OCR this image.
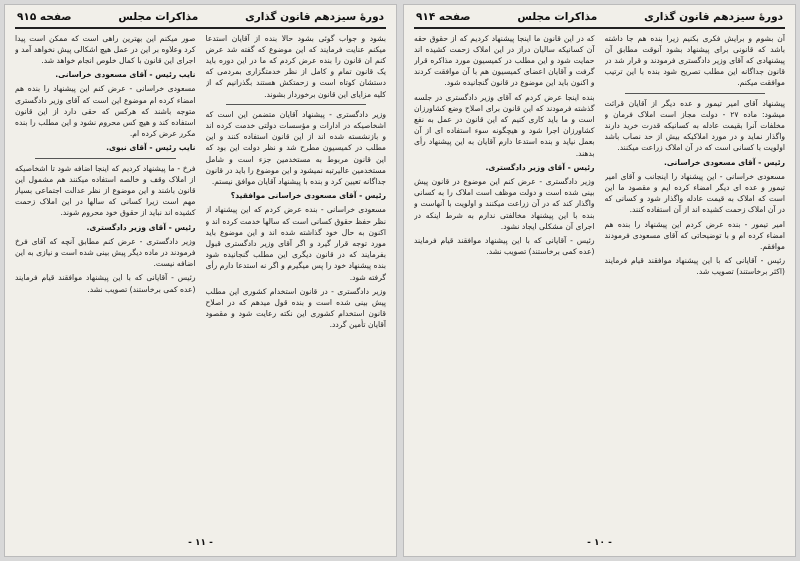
دورهٔ سیزدهم قانون گذاری
مذاکرات مجلس
صفحه ۹۱۵

بشود و جواب گوئی بشود حالا بنده از آقایان استدعا میکنم عنایت فرمایند که این موضوع که گفته شد عرض کنم ان قانون را بنده عرض کردم که ما در این دوره باید یک قانون تمام و کامل از نظر خدمتگزاری بمردمی که دستشان کوتاه است و زحمتکش هستند بگذرانیم که از کلیه مزایای این قانون برخوردار بشوند.

وزیر دادگستری - پیشنهاد آقایان متضمن این است که اشخاصیکه در ادارات و مؤسسات دولتی خدمت کرده اند و بازنشسته شده اند از این قانون استفاده کنند و این مطلب در کمیسیون مطرح شد و نظر دولت این بود که این قانون مربوط به مستخدمین جزء است و شامل مستخدمین عالیرتبه نمیشود و این موضوع را باید در قانون جداگانه تعیین کرد و بنده با پیشنهاد آقایان موافق نیستم.

رئیس - آقای مسعودی خراسانی موافقید؟

مسعودی خراسانی - بنده عرض کردم که این پیشنهاد از نظر حفظ حقوق کسانی است که سالها خدمت کرده اند و اکنون به حال خود گذاشته شده اند و این موضوع باید مورد توجه قرار گیرد و اگر آقای وزیر دادگستری قبول بفرمایند که در قانون دیگری این مطلب گنجانیده شود بنده پیشنهاد خود را پس میگیرم و اگر نه استدعا دارم رأی گرفته شود.

وزیر دادگستری - در قانون استخدام کشوری این مطلب پیش بینی شده است و بنده قول میدهم که در اصلاح قانون استخدام کشوری این نکته رعایت شود و مقصود آقایان تأمین گردد.

صور میکنم این بهترین راهی است که ممکن است پیدا کرد وعلاوه بر این در عمل هیچ اشکالی پیش نخواهد آمد و اجرای این قانون با کمال خلوص انجام خواهد شد.

نایب رئیس - آقای مسعودی خراسانی.

مسعودی خراسانی - عرض کنم این پیشنهاد را بنده هم امضاء کرده ام موضوع این است که آقای وزیر دادگستری متوجه باشند که هرکس که حقی دارد از این قانون استفاده کند و هیچ کس محروم نشود و این مطلب را بنده مکرر عرض کرده ام.

نایب رئیس - آقای نبوی.

فرخ - ما پیشنهاد کردیم که اینجا اضافه شود تا اشخاصیکه از املاک وقف و خالصه استفاده میکنند هم مشمول این قانون باشند و این موضوع از نظر عدالت اجتماعی بسیار مهم است زیرا کسانی که سالها در این املاک زحمت کشیده اند نباید از حقوق خود محروم شوند.

رئیس - آقای وزیر دادگستری.

وزیر دادگستری - عرض کنم مطابق آنچه که آقای فرخ فرمودند در ماده دیگر پیش بینی شده است و نیازی به این اضافه نیست.

رئیس - آقایانی که با این پیشنهاد موافقند قیام فرمایند (عده کمی برخاستند) تصویب نشد.

- ۱۱ -
دورهٔ سیزدهم قانون گذاری
مذاکرات مجلس
صفحه ۹۱۴

آن بشوم و برایش فکری بکنیم زیرا بنده هم جا داشته باشد که قانونی برای پیشنهاد بشود آنوقت مطابق آن پیشنهادی که آقای وزیر دادگستری فرمودند و قرار شد در قانون جداگانه این مطلب تصریح شود بنده با این ترتیب موافقت میکنم.

پیشنهاد آقای امیر تیمور و عده دیگر از آقایان قرائت میشود: ماده ۲۷ - دولت مجاز است املاک فرمان و مخلفات آنرا بقیمت عادله به کسانیکه قدرت خرید دارند واگذار نماید و در مورد املاکیکه بیش از حد نصاب باشد اولویت با کسانی است که در آن املاک زراعت میکنند.

رئیس - آقای مسعودی خراسانی.

مسعودی خراسانی - این پیشنهاد را اینجانب و آقای امیر تیمور و عده ای دیگر امضاء کرده ایم و مقصود ما این است که املاک به قیمت عادله واگذار شود و کسانی که در آن املاک زحمت کشیده اند از آن استفاده کنند.

امیر تیمور - بنده عرض کردم این پیشنهاد را بنده هم امضاء کرده ام و با توضیحاتی که آقای مسعودی فرمودند موافقم.

رئیس - آقایانی که با این پیشنهاد موافقند قیام فرمایند (اکثر برخاستند) تصویب شد.

که در این قانون ما اینجا پیشنهاد کردیم که از حقوق حقه آن کسانیکه سالیان دراز در این املاک زحمت کشیده اند حمایت شود و این مطلب در کمیسیون مورد مذاکره قرار گرفت و آقایان اعضای کمیسیون هم با آن موافقت کردند و اکنون باید این موضوع در قانون گنجانیده شود.

بنده اینجا عرض کردم که آقای وزیر دادگستری در جلسه گذشته فرمودند که این قانون برای اصلاح وضع کشاورزان است و ما باید کاری کنیم که این قانون در عمل به نفع کشاورزان اجرا شود و هیچگونه سوء استفاده ای از آن بعمل نیاید و بنده استدعا دارم آقایان به این پیشنهاد رأی بدهند.

رئیس - آقای وزیر دادگستری.

وزیر دادگستری - عرض کنم این موضوع در قانون پیش بینی شده است و دولت موظف است املاک را به کسانی واگذار کند که در آن زراعت میکنند و اولویت با آنهاست و بنده با این پیشنهاد مخالفتی ندارم به شرط اینکه در اجرای آن مشکلی ایجاد نشود.

رئیس - آقایانی که با این پیشنهاد موافقند قیام فرمایند (عده کمی برخاستند) تصویب نشد.

- ۱۰ -
